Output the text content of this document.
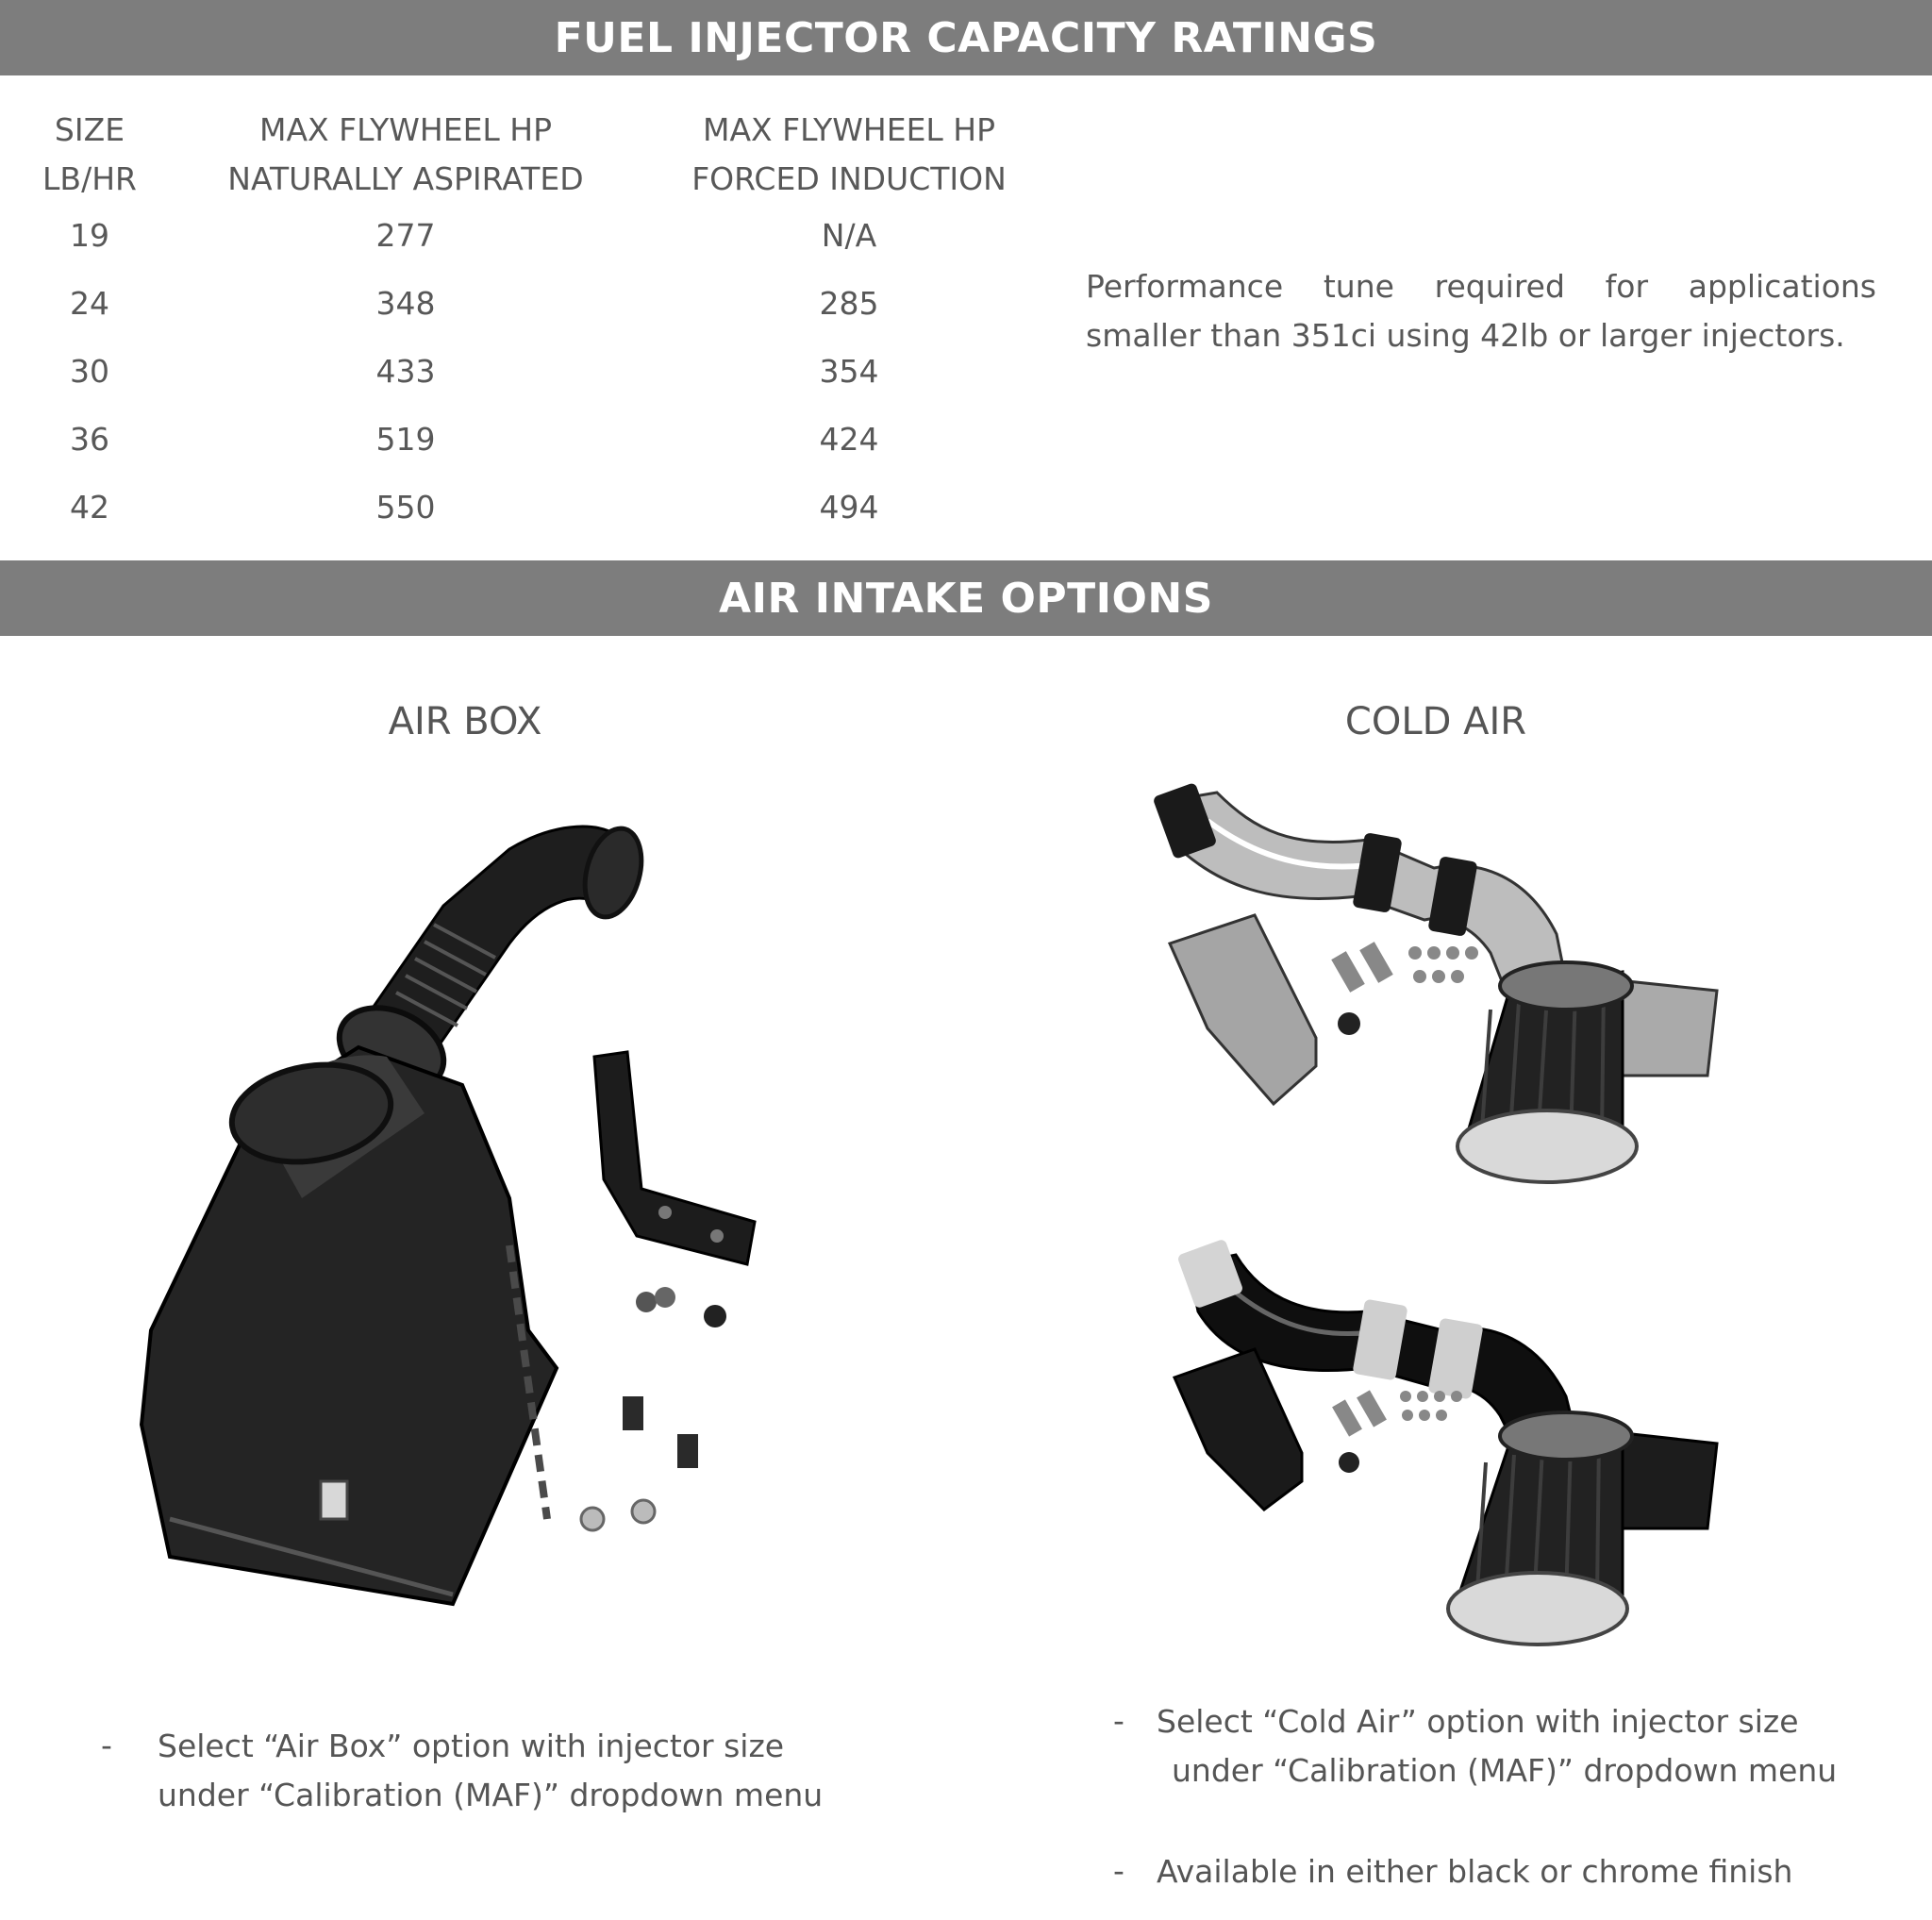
FUEL INJECTOR CAPACITY RATINGS
SIZE
LB/HR
MAX FLYWHEEL HP
NATURALLY ASPIRATED
MAX FLYWHEEL HP
FORCED INDUCTION
19	277	N/A
24	348	285
30	433	354
36	519	424
42	550	494
Performance tune required for applications smaller than 351ci using 42lb or larger injectors.
AIR INTAKE OPTIONS
AIR BOX	COLD AIR
- Select “Air Box” option with injector size
under “Calibration (MAF)” dropdown menu
- Select “Cold Air” option with injector size
under “Calibration (MAF)” dropdown menu
- Available in either black or chrome finish
